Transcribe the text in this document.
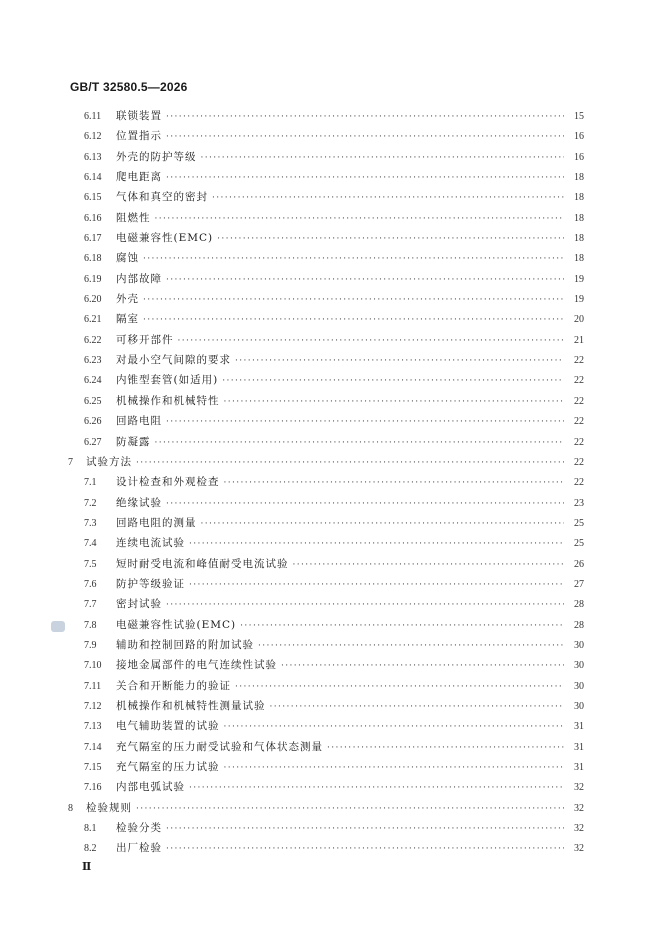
GB/T 32580.5—2026
6.11	联锁装置 ·····	15
6.12	位置指示 ·····	16
6.13	外壳的防护等级 ·····	16
6.14	爬电距离 ·····	18
6.15	气体和真空的密封 ·····	18
6.16	阻燃性 ·····	18
6.17	电磁兼容性(EMC) ·····	18
6.18	腐蚀 ·····	18
6.19	内部故障 ·····	19
6.20	外壳 ·····	19
6.21	隔室 ·····	20
6.22	可移开部件 ·····	21
6.23	对最小空气间隙的要求 ·····	22
6.24	内锥型套管(如适用) ·····	22
6.25	机械操作和机械特性 ·····	22
6.26	回路电阻 ·····	22
6.27	防凝露 ·····	22
7	试验方法 ·····	22
7.1	设计检查和外观检查 ·····	22
7.2	绝缘试验 ·····	23
7.3	回路电阻的测量 ·····	25
7.4	连续电流试验 ·····	25
7.5	短时耐受电流和峰值耐受电流试验 ·····	26
7.6	防护等级验证 ·····	27
7.7	密封试验 ·····	28
7.8	电磁兼容性试验(EMC) ·····	28
7.9	辅助和控制回路的附加试验 ·····	30
7.10	接地金属部件的电气连续性试验 ·····	30
7.11	关合和开断能力的验证 ·····	30
7.12	机械操作和机械特性测量试验 ·····	30
7.13	电气辅助装置的试验 ·····	31
7.14	充气隔室的压力耐受试验和气体状态测量 ·····	31
7.15	充气隔室的压力试验 ·····	31
7.16	内部电弧试验 ·····	32
8	检验规则 ·····	32
8.1	检验分类 ·····	32
8.2	出厂检验 ·····	32
Ⅱ
